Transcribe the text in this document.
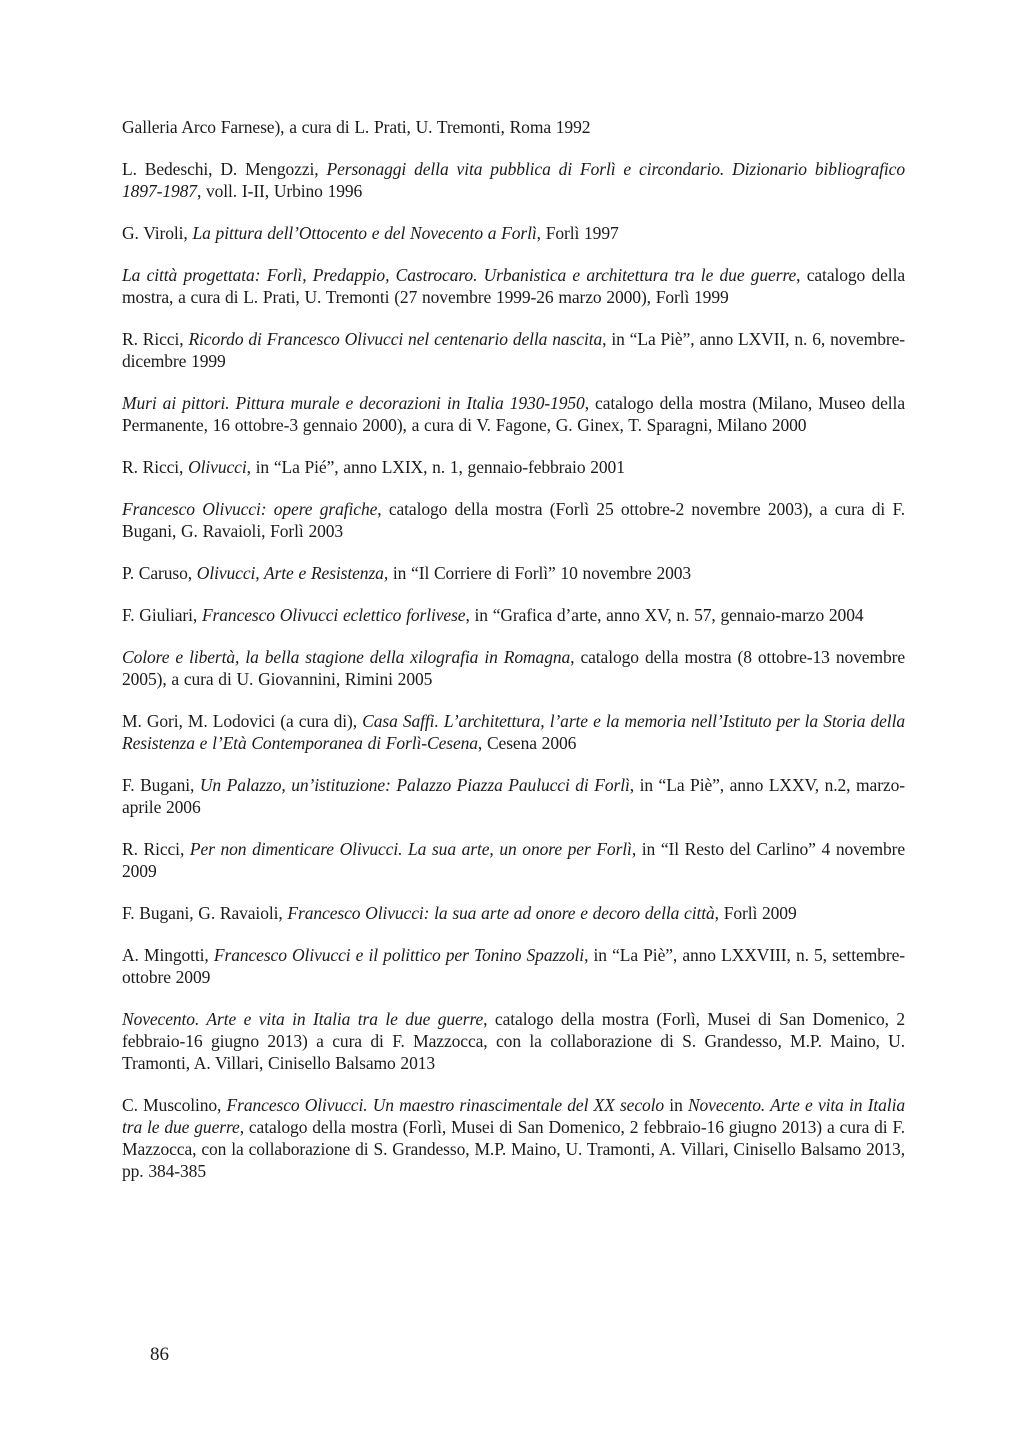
Galleria Arco Farnese), a cura di L. Prati, U. Tremonti, Roma 1992

L. Bedeschi, D. Mengozzi, Personaggi della vita pubblica di Forlì e circondario. Dizionario bibliografico 1897-1987, voll. I-II, Urbino 1996

G. Viroli, La pittura dell’Ottocento e del Novecento a Forlì, Forlì 1997

La città progettata: Forlì, Predappio, Castrocaro. Urbanistica e architettura tra le due guerre, catalogo della mostra, a cura di L. Prati, U. Tremonti (27 novembre 1999-26 marzo 2000), Forlì 1999

R. Ricci, Ricordo di Francesco Olivucci nel centenario della nascita, in “La Piè”, anno LXVII, n. 6, novembre-dicembre 1999

Muri ai pittori. Pittura murale e decorazioni in Italia 1930-1950, catalogo della mostra (Milano, Museo della Permanente, 16 ottobre-3 gennaio 2000), a cura di V. Fagone, G. Ginex, T. Sparagni, Milano 2000

R. Ricci, Olivucci, in “La Pié”, anno LXIX, n. 1, gennaio-febbraio 2001

Francesco Olivucci: opere grafiche, catalogo della mostra (Forlì 25 ottobre-2 novembre 2003), a cura di F. Bugani, G. Ravaioli, Forlì 2003

P. Caruso, Olivucci, Arte e Resistenza, in “Il Corriere di Forlì” 10 novembre 2003

F. Giuliari, Francesco Olivucci eclettico forlivese, in “Grafica d’arte, anno XV, n. 57, gennaio-marzo 2004

Colore e libertà, la bella stagione della xilografia in Romagna, catalogo della mostra (8 ottobre-13 novembre 2005), a cura di U. Giovannini, Rimini 2005

M. Gori, M. Lodovici (a cura di), Casa Saffi. L’architettura, l’arte e la memoria nell’Istituto per la Storia della Resistenza e l’Età Contemporanea di Forlì-Cesena, Cesena 2006

F. Bugani, Un Palazzo, un’istituzione: Palazzo Piazza Paulucci di Forlì, in “La Piè”, anno LXXV, n.2, marzo-aprile 2006

R. Ricci, Per non dimenticare Olivucci. La sua arte, un onore per Forlì, in “Il Resto del Carlino” 4 novembre 2009

F. Bugani, G. Ravaioli, Francesco Olivucci: la sua arte ad onore e decoro della città, Forlì 2009

A. Mingotti, Francesco Olivucci e il polittico per Tonino Spazzoli, in “La Piè”, anno LXXVIII, n. 5, settembre-ottobre 2009

Novecento. Arte e vita in Italia tra le due guerre, catalogo della mostra (Forlì, Musei di San Domenico, 2 febbraio-16 giugno 2013) a cura di F. Mazzocca, con la collaborazione di S. Grandesso, M.P. Maino, U. Tramonti, A. Villari, Cinisello Balsamo 2013

C. Muscolino, Francesco Olivucci. Un maestro rinascimentale del XX secolo in Novecento. Arte e vita in Italia tra le due guerre, catalogo della mostra (Forlì, Musei di San Domenico, 2 febbraio-16 giugno 2013) a cura di F. Mazzocca, con la collaborazione di S. Grandesso, M.P. Maino, U. Tramonti, A. Villari, Cinisello Balsamo 2013, pp. 384-385

86
